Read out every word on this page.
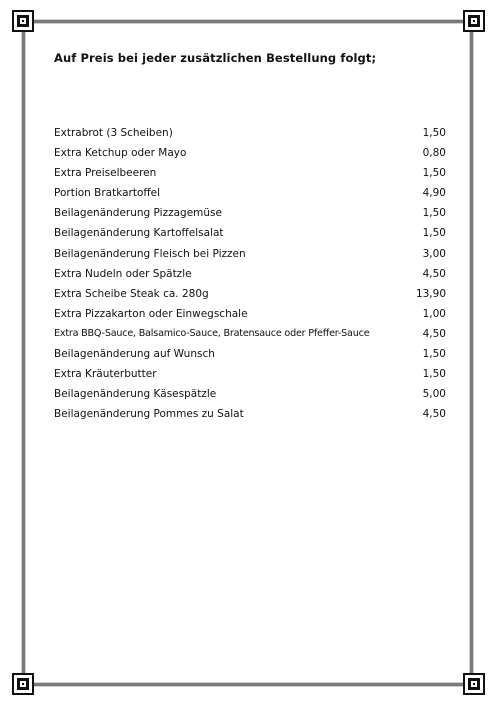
Auf Preis bei jeder zusätzlichen Bestellung folgt;
Extrabrot (3 Scheiben)	1,50
Extra Ketchup oder Mayo	0,80
Extra Preiselbeeren	1,50
Portion Bratkartoffel	4,90
Beilagenänderung Pizzagemüse	1,50
Beilagenänderung Kartoffelsalat	1,50
Beilagenänderung Fleisch bei Pizzen	3,00
Extra Nudeln oder Spätzle	4,50
Extra Scheibe Steak ca. 280g	13,90
Extra Pizzakarton oder Einwegschale	1,00
Extra BBQ-Sauce, Balsamico-Sauce, Bratensauce oder Pfeffer-Sauce	4,50
Beilagenänderung auf Wunsch	1,50
Extra Kräuterbutter	1,50
Beilagenänderung Käsespätzle	5,00
Beilagenänderung Pommes zu Salat	4,50
